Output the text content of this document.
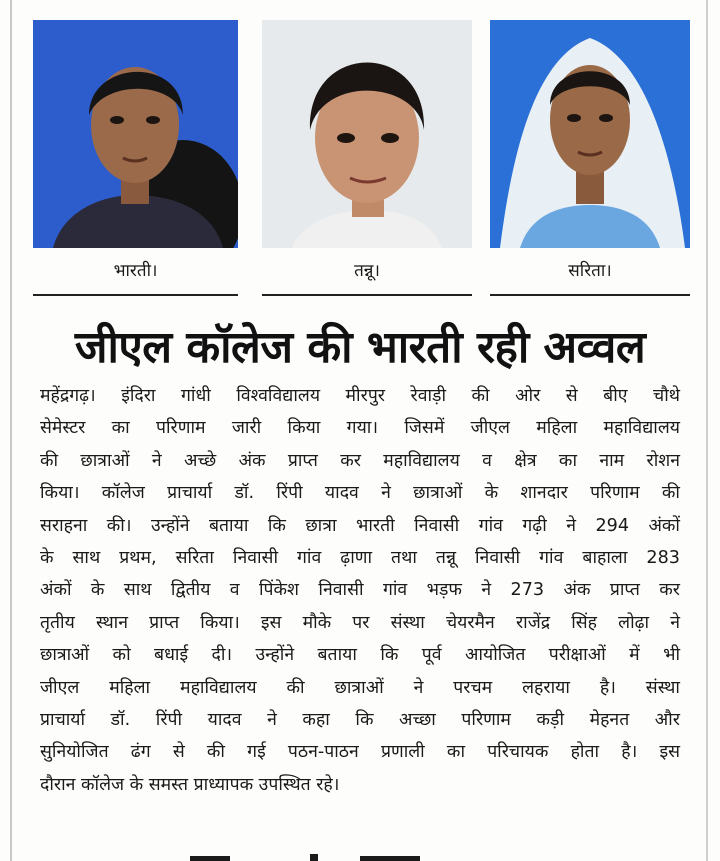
भारती।	तन्नू।	सरिता।
जीएल कॉलेज की भारती रही अव्वल
महेंद्रगढ़। इंदिरा गांधी विश्वविद्यालय मीरपुर रेवाड़ी की ओर से बीए चौथे
सेमेस्टर का परिणाम जारी किया गया। जिसमें जीएल महिला महाविद्यालय
की छात्राओं ने अच्छे अंक प्राप्त कर महाविद्यालय व क्षेत्र का नाम रोशन
किया। कॉलेज प्राचार्या डॉ. रिंपी यादव ने छात्राओं के शानदार परिणाम की
सराहना की। उन्होंने बताया कि छात्रा भारती निवासी गांव गढ़ी ने 294 अंकों
के साथ प्रथम, सरिता निवासी गांव ढ़ाणा तथा तन्नू निवासी गांव बाहाला 283
अंकों के साथ द्वितीय व पिंकेश निवासी गांव भड़फ ने 273 अंक प्राप्त कर
तृतीय स्थान प्राप्त किया। इस मौके पर संस्था चेयरमैन राजेंद्र सिंह लोढ़ा ने
छात्राओं को बधाई दी। उन्होंने बताया कि पूर्व आयोजित परीक्षाओं में भी
जीएल महिला महाविद्यालय की छात्राओं ने परचम लहराया है। संस्था
प्राचार्या डॉ. रिंपी यादव ने कहा कि अच्छा परिणाम कड़ी मेहनत और
सुनियोजित ढंग से की गई पठन-पाठन प्रणाली का परिचायक होता है। इस
दौरान कॉलेज के समस्त प्राध्यापक उपस्थित रहे।
